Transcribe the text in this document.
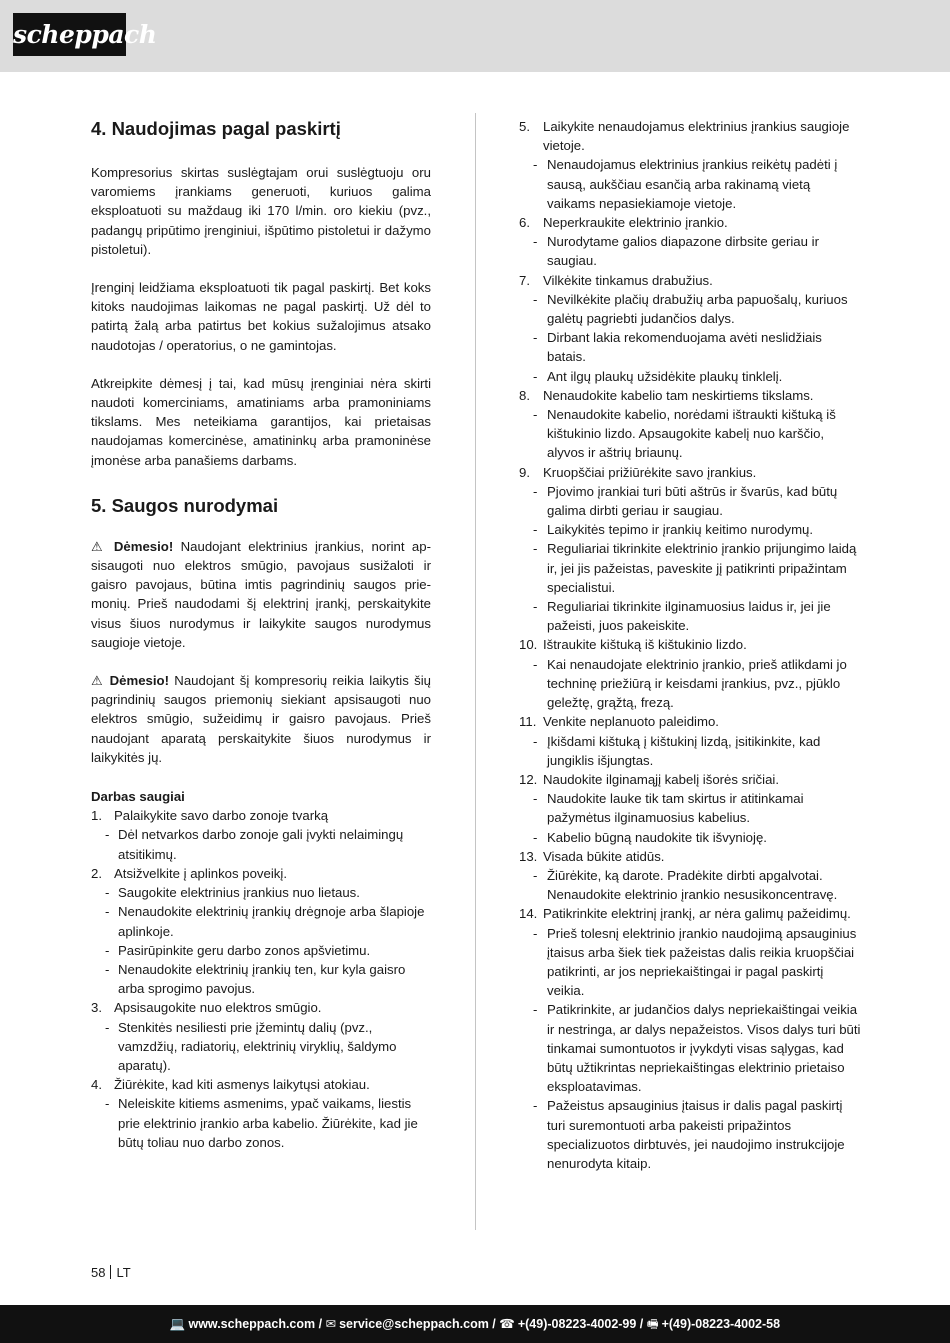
scheppach
4. Naudojimas pagal paskirtį

Kompresorius skirtas suslėgtajam orui suslėgtuoju oru varomiems įrankiams generuoti, kuriuos galima eksploatuoti su maždaug iki 170 l/min. oro kiekiu (pvz., padangų pripūtimo įrenginiui, išpūtimo pistoletui ir dažymo pistoletui).

Įrenginį leidžiama eksploatuoti tik pagal paskirtį. Bet koks kitoks naudojimas laikomas ne pagal paskirtį. Už dėl to patirtą žalą arba patirtus bet kokius sužalojimus atsako naudotojas / operatorius, o ne gamintojas.

Atkreipkite dėmesį į tai, kad mūsų įrenginiai nėra skirti naudoti komerciniams, amatiniams arba pramoniniams tikslams. Mes neteikiama garantijos, kai prietaisas naudojamas komercinėse, amatininkų arba pramoninėse įmonėse arba panašiems darbams.

5. Saugos nurodymai

⚠ Dėmesio! Naudojant elektrinius įrankius, norint apsisaugoti nuo elektros smūgio, pavojaus susižaloti ir gaisro pavojaus, būtina imtis pagrindinių saugos priemonių. Prieš naudodami šį elektrinį įrankį, perskaitykite visus šiuos nurodymus ir laikykite saugos nurodymus saugioje vietoje.

⚠ Dėmesio! Naudojant šį kompresorių reikia laikytis šių pagrindinių saugos priemonių siekiant apsisaugoti nuo elektros smūgio, sužeidimų ir gaisro pavojaus. Prieš naudojant aparatą perskaitykite šiuos nurodymus ir laikykitės jų.

Darbas saugiai
1. Palaikykite savo darbo zonoje tvarką
- Dėl netvarkos darbo zonoje gali įvykti nelaimingų atsitikimų.
2. Atsižvelkite į aplinkos poveikį.
- Saugokite elektrinius įrankius nuo lietaus.
- Nenaudokite elektrinių įrankių drėgnoje arba šlapioje aplinkoje.
- Pasirūpinkite geru darbo zonos apšvietimu.
- Nenaudokite elektrinių įrankių ten, kur kyla gaisro arba sprogimo pavojus.
3. Apsisaugokite nuo elektros smūgio.
- Stenkitės nesiliesti prie įžemintų dalių (pvz., vamzdžių, radiatorių, elektrinių viryklių, šaldymo aparatų).
4. Žiūrėkite, kad kiti asmenys laikytųsi atokiau.
- Neleiskite kitiems asmenims, ypač vaikams, liestis prie elektrinio įrankio arba kabelio. Žiūrėkite, kad jie būtų toliau nuo darbo zonos.
5. Laikykite nenaudojamus elektrinius įrankius saugioje vietoje.
- Nenaudojamus elektrinius įrankius reikėtų padėti į sausą, aukščiau esančią arba rakinamą vietą vaikams nepasiekiamoje vietoje.
6. Neperkraukite elektrinio įrankio.
- Nurodytame galios diapazone dirbsite geriau ir saugiau.
7. Vilkėkite tinkamus drabužius.
- Nevilkėkite plačių drabužių arba papuošalų, kuriuos galėtų pagriebti judančios dalys.
- Dirbant lakia rekomenduojama avėti neslidžiais batais.
- Ant ilgų plaukų užsidėkite plaukų tinklelį.
8. Nenaudokite kabelio tam neskirtiems tikslams.
- Nenaudokite kabelio, norėdami ištraukti kištuką iš kištukinio lizdo. Apsaugokite kabelį nuo karščio, alyvos ir aštrių briaunų.
9. Kruopščiai prižiūrėkite savo įrankius.
- Pjovimo įrankiai turi būti aštrūs ir švarūs, kad būtų galima dirbti geriau ir saugiau.
- Laikykitės tepimo ir įrankių keitimo nurodymų.
- Reguliariai tikrinkite elektrinio įrankio prijungimo laidą ir, jei jis pažeistas, paveskite jį patikrinti pripažintam specialistui.
- Reguliariai tikrinkite ilginamuosius laidus ir, jei jie pažeisti, juos pakeiskite.
10. Ištraukite kištuką iš kištukinio lizdo.
- Kai nenaudojate elektrinio įrankio, prieš atlikdami jo techninę priežiūrą ir keisdami įrankius, pvz., pjūklo geležtę, grąžtą, frezą.
11. Venkite neplanuoto paleidimo.
- Įkišdami kištuką į kištukinį lizdą, įsitikinkite, kad jungiklis išjungtas.
12. Naudokite ilginamąjį kabelį išorės sričiai.
- Naudokite lauke tik tam skirtus ir atitinkamai pažymėtus ilginamuosius kabelius.
- Kabelio būgną naudokite tik išvynioję.
13. Visada būkite atidūs.
- Žiūrėkite, ką darote. Pradėkite dirbti apgalvotai. Nenaudokite elektrinio įrankio nesusikoncentravę.
14. Patikrinkite elektrinį įrankį, ar nėra galimų pažeidimų.
- Prieš tolesnį elektrinio įrankio naudojimą apsauginius įtaisus arba šiek tiek pažeistas dalis reikia kruopščiai patikrinti, ar jos nepriekaištingai ir pagal paskirtį veikia.
- Patikrinkite, ar judančios dalys nepriekaištingai veikia ir nestringa, ar dalys nepažeistos. Visos dalys turi būti tinkamai sumontuotos ir įvykdyti visas sąlygas, kad būtų užtikrintas nepriekaištingas elektrinio prietaiso eksploatavimas.
- Pažeistus apsauginius įtaisus ir dalis pagal paskirtį turi suremontuoti arba pakeisti pripažintos specializuotos dirbtuvės, jei naudojimo instrukcijoje nenurodyta kitaip.
58 LT
💻 www.scheppach.com / ✉ service@scheppach.com / ☎ +(49)-08223-4002-99 / 🖷 +(49)-08223-4002-58
